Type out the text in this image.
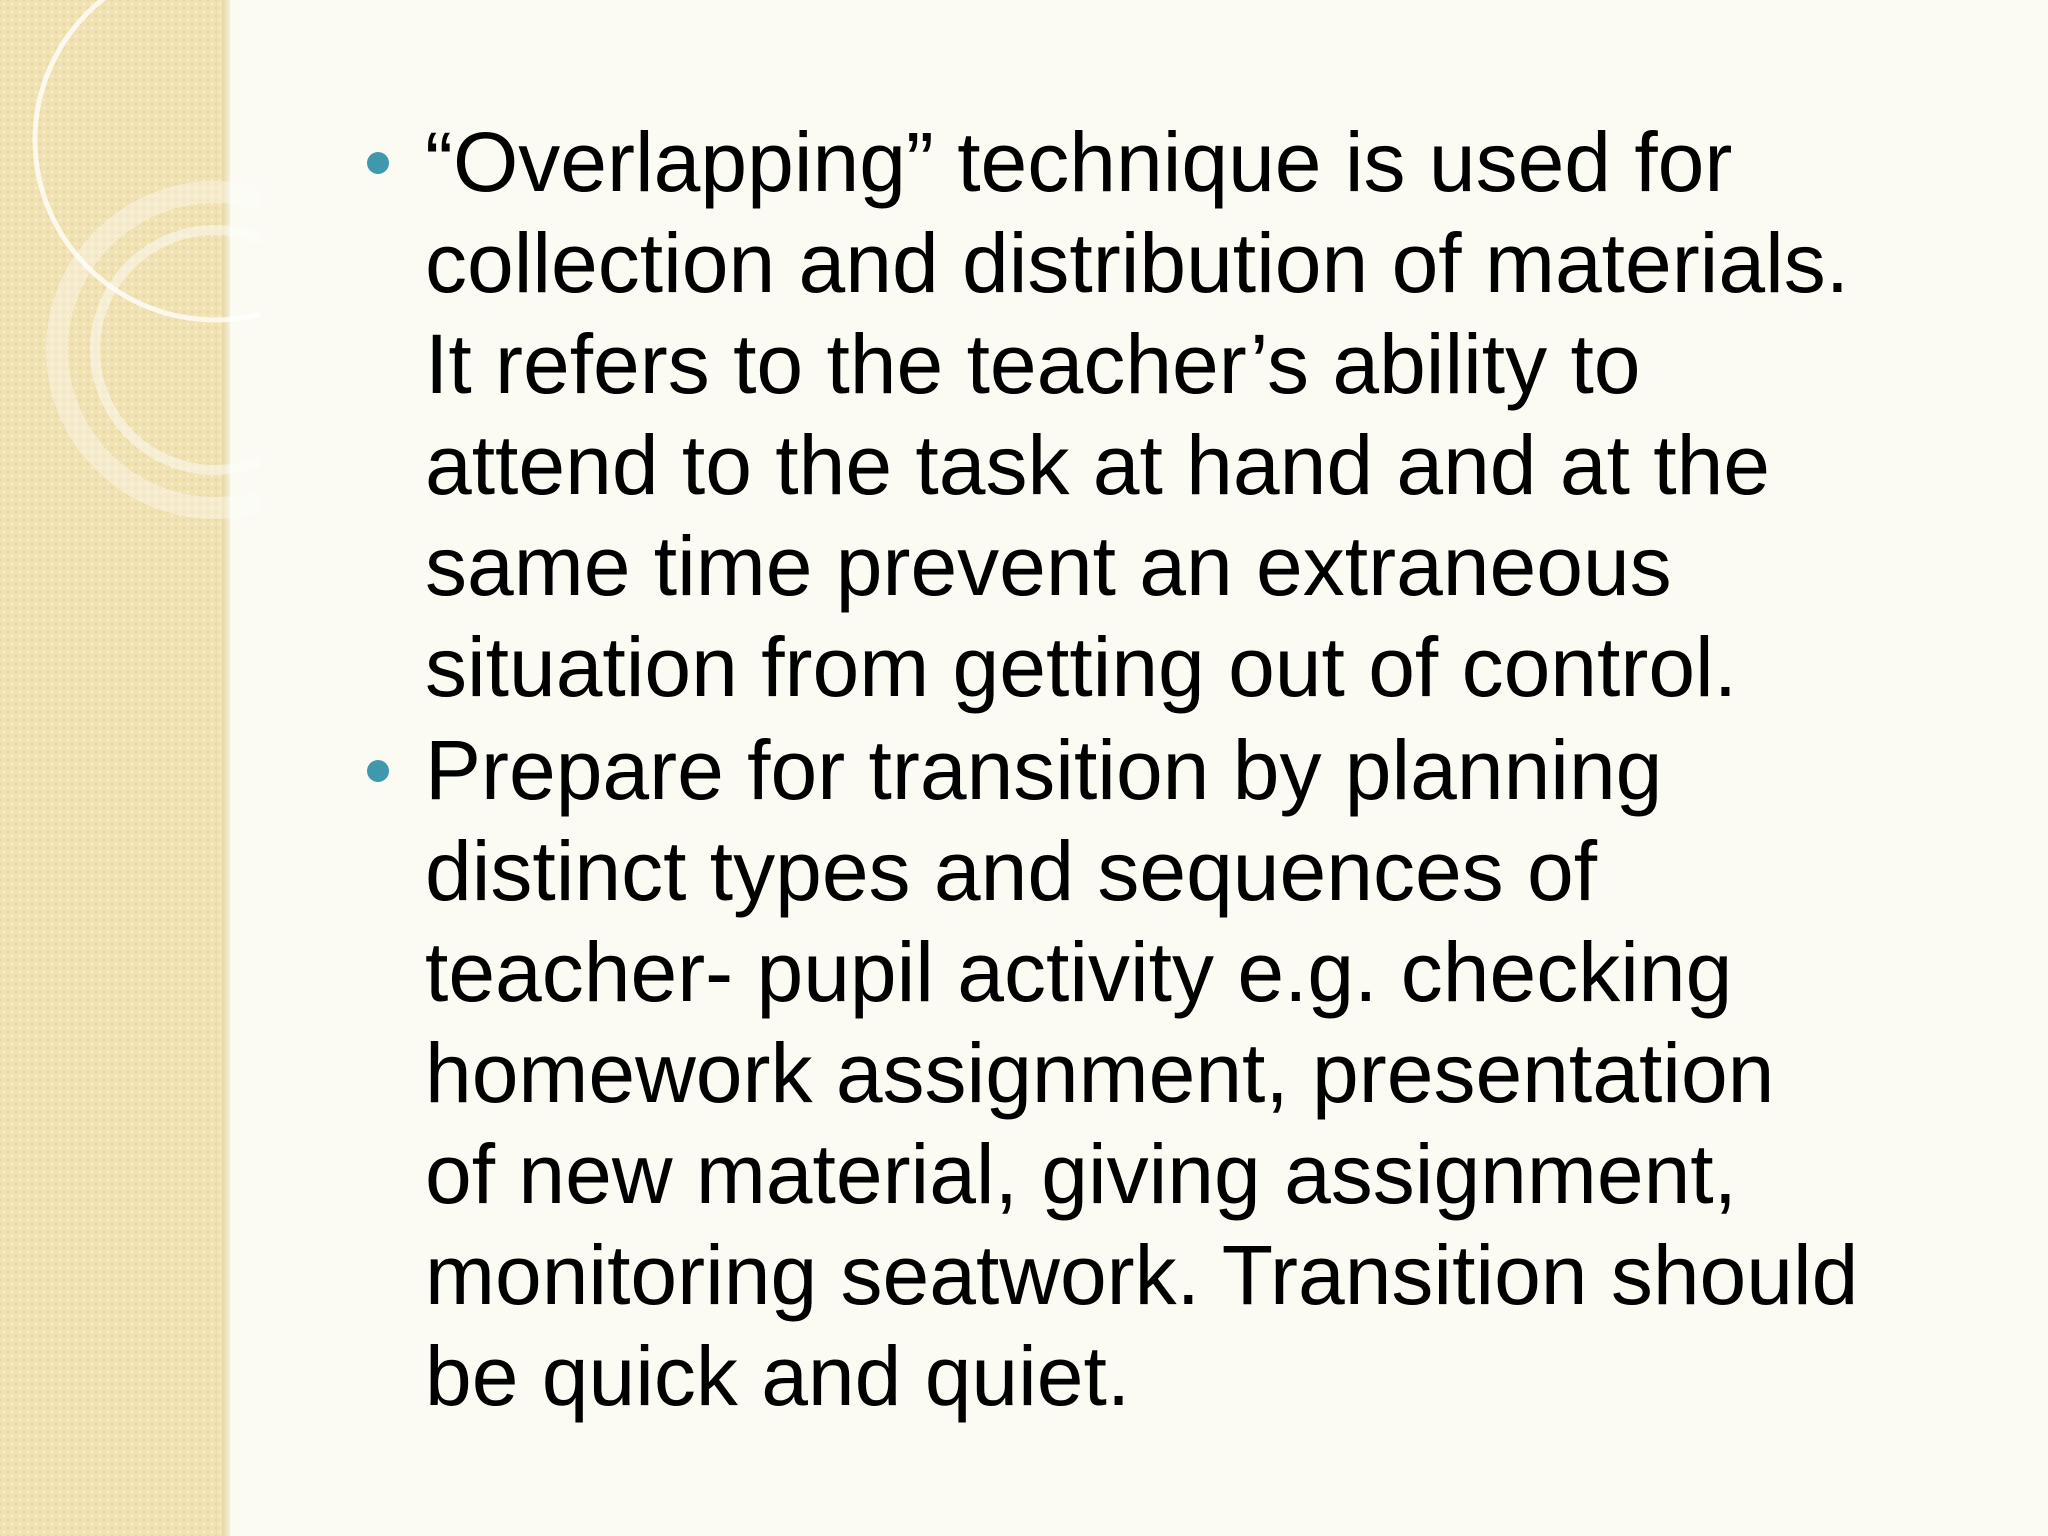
“Overlapping” technique is used for
collection and distribution of materials.
It refers to the teacher’s ability to
attend to the task at hand and at the
same time prevent an extraneous
situation from getting out of control.
Prepare for transition by planning
distinct types and sequences of
teacher- pupil activity e.g. checking
homework assignment, presentation
of new material, giving assignment,
monitoring seatwork. Transition should
be quick and quiet.
